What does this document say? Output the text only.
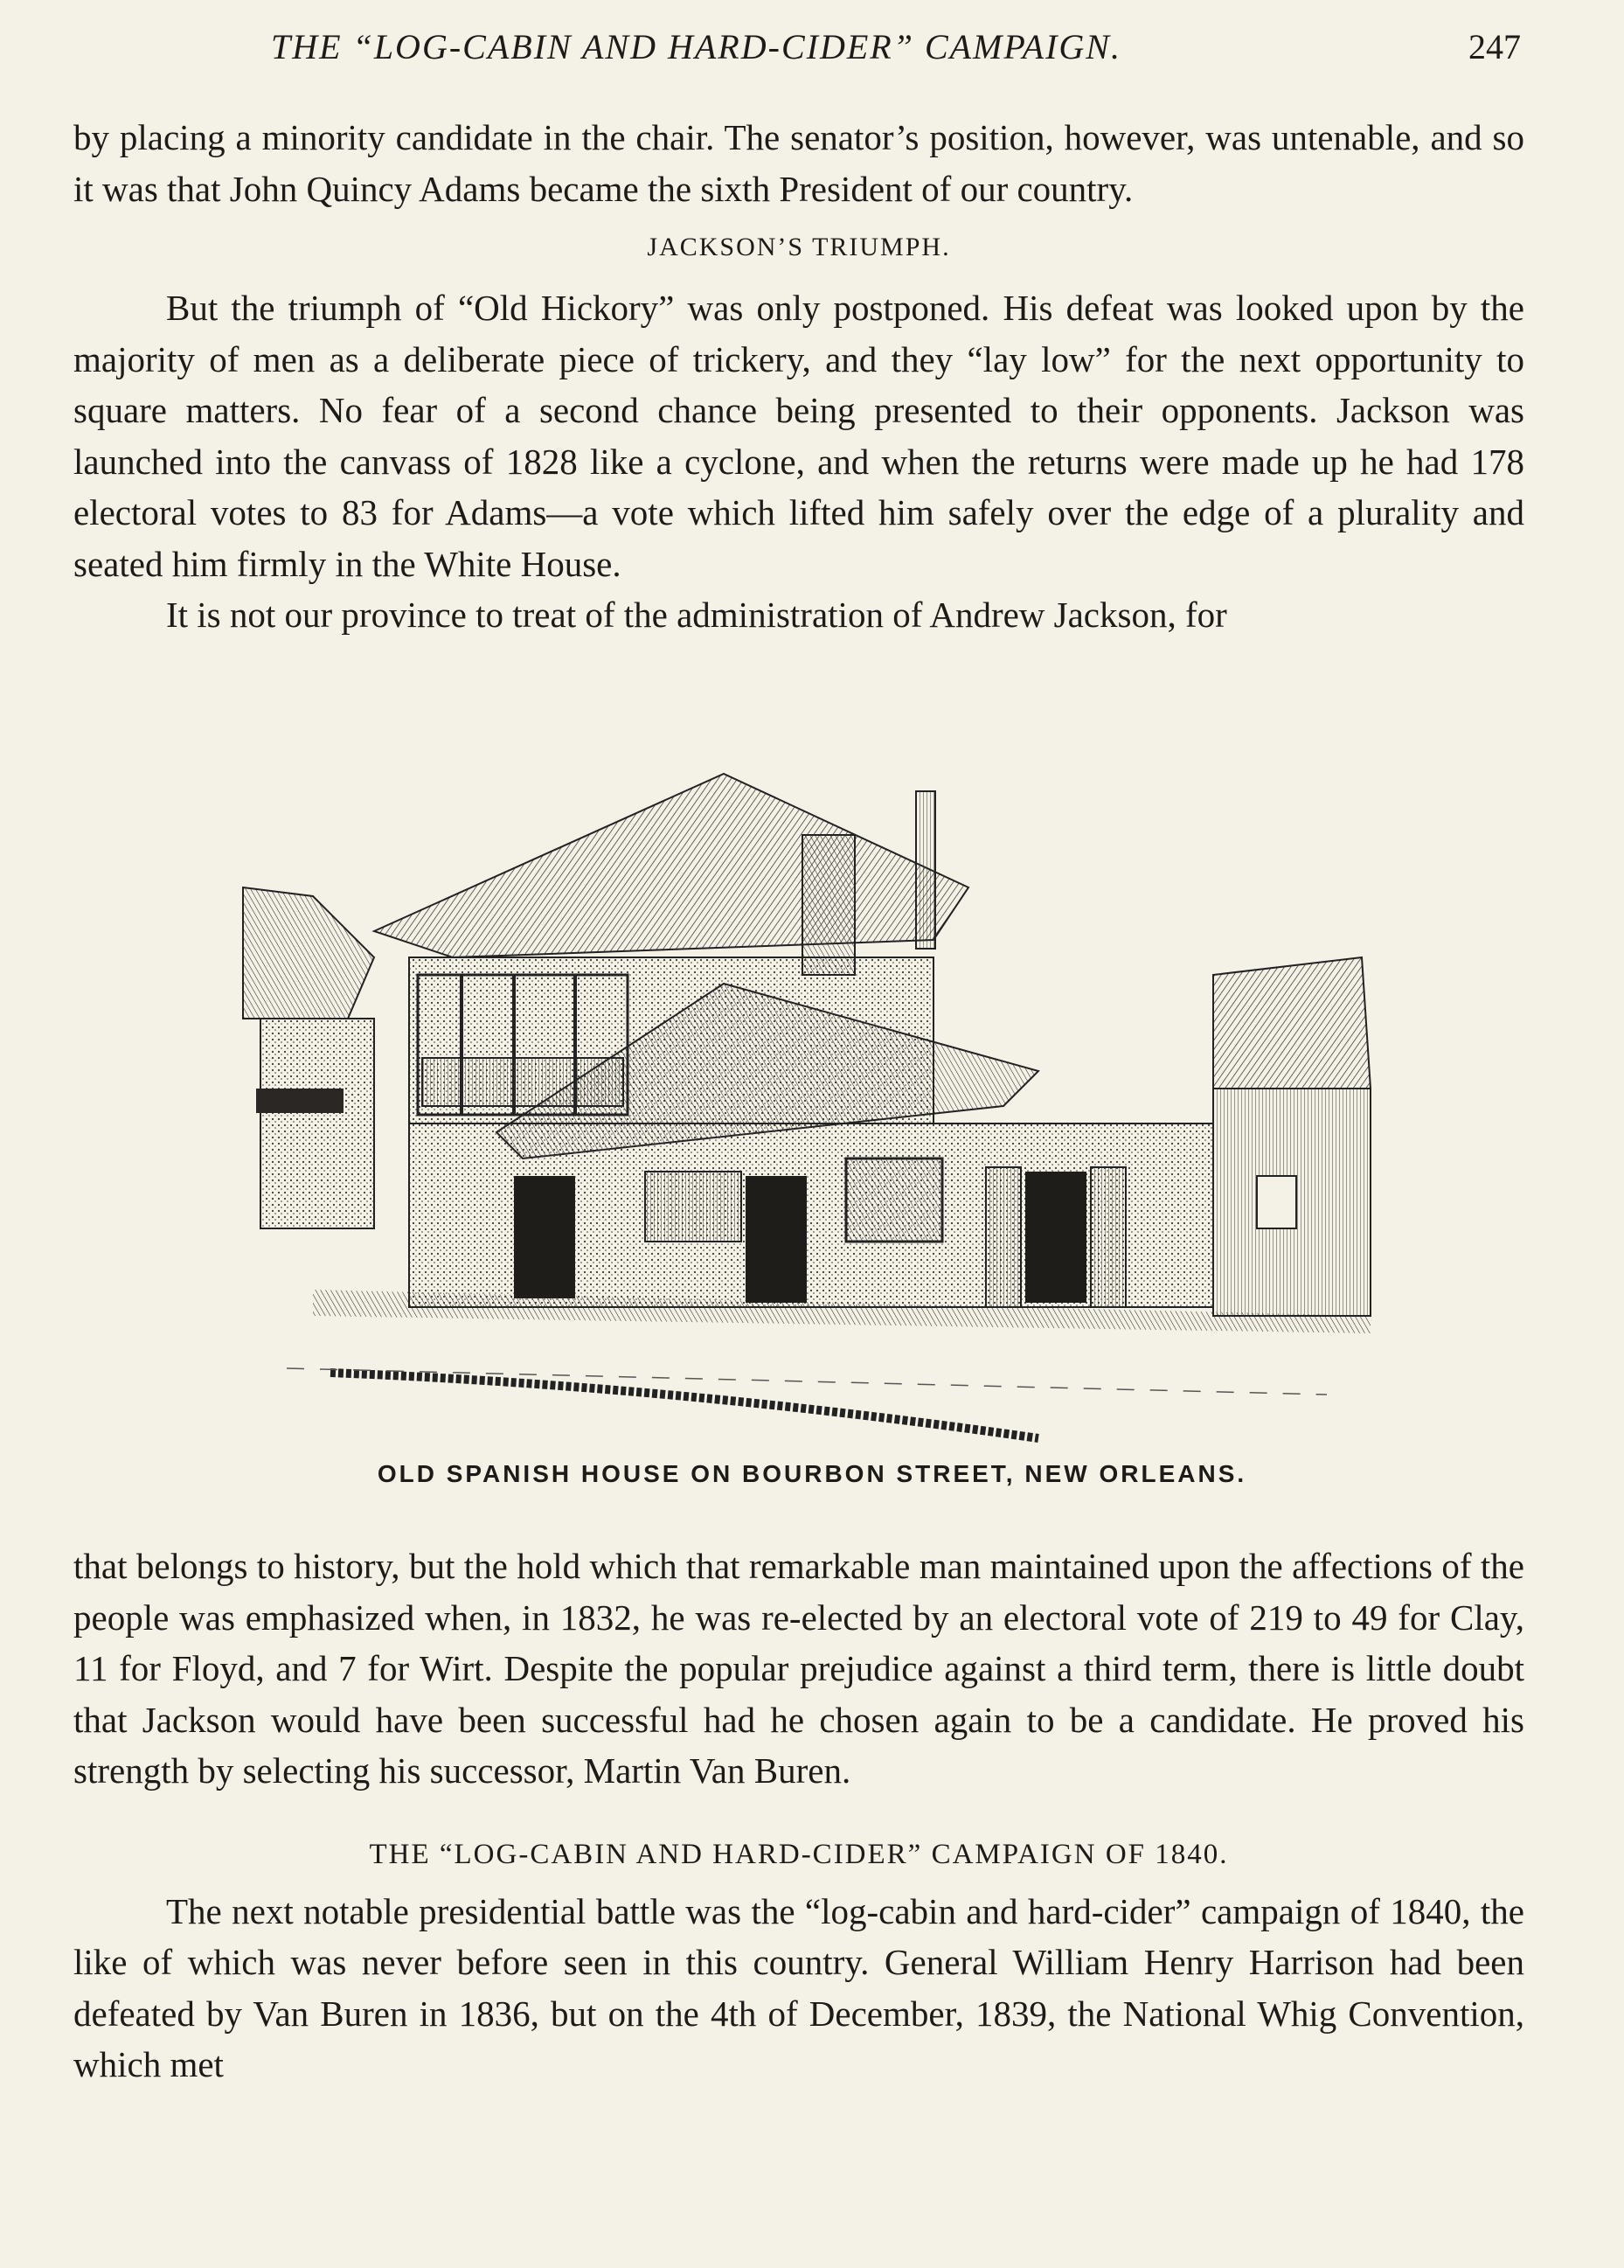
THE “LOG-CABIN AND HARD-CIDER” CAMPAIGN.	247

by placing a minority candidate in the chair. The senator’s position, however, was untenable, and so it was that John Quincy Adams became the sixth President of our country.

JACKSON’S TRIUMPH.

But the triumph of “Old Hickory” was only postponed. His defeat was looked upon by the majority of men as a deliberate piece of trickery, and they “lay low” for the next opportunity to square matters. No fear of a second chance being presented to their opponents. Jackson was launched into the canvass of 1828 like a cyclone, and when the returns were made up he had 178 electoral votes to 83 for Adams—a vote which lifted him safely over the edge of a plurality and seated him firmly in the White House.

It is not our province to treat of the administration of Andrew Jackson, for

OLD SPANISH HOUSE ON BOURBON STREET, NEW ORLEANS.

that belongs to history, but the hold which that remarkable man maintained upon the affections of the people was emphasized when, in 1832, he was re-elected by an electoral vote of 219 to 49 for Clay, 11 for Floyd, and 7 for Wirt. Despite the popular prejudice against a third term, there is little doubt that Jackson would have been successful had he chosen again to be a candidate. He proved his strength by selecting his successor, Martin Van Buren.

THE “LOG-CABIN AND HARD-CIDER” CAMPAIGN OF 1840.

The next notable presidential battle was the “log-cabin and hard-cider” campaign of 1840, the like of which was never before seen in this country. General William Henry Harrison had been defeated by Van Buren in 1836, but on the 4th of December, 1839, the National Whig Convention, which met
